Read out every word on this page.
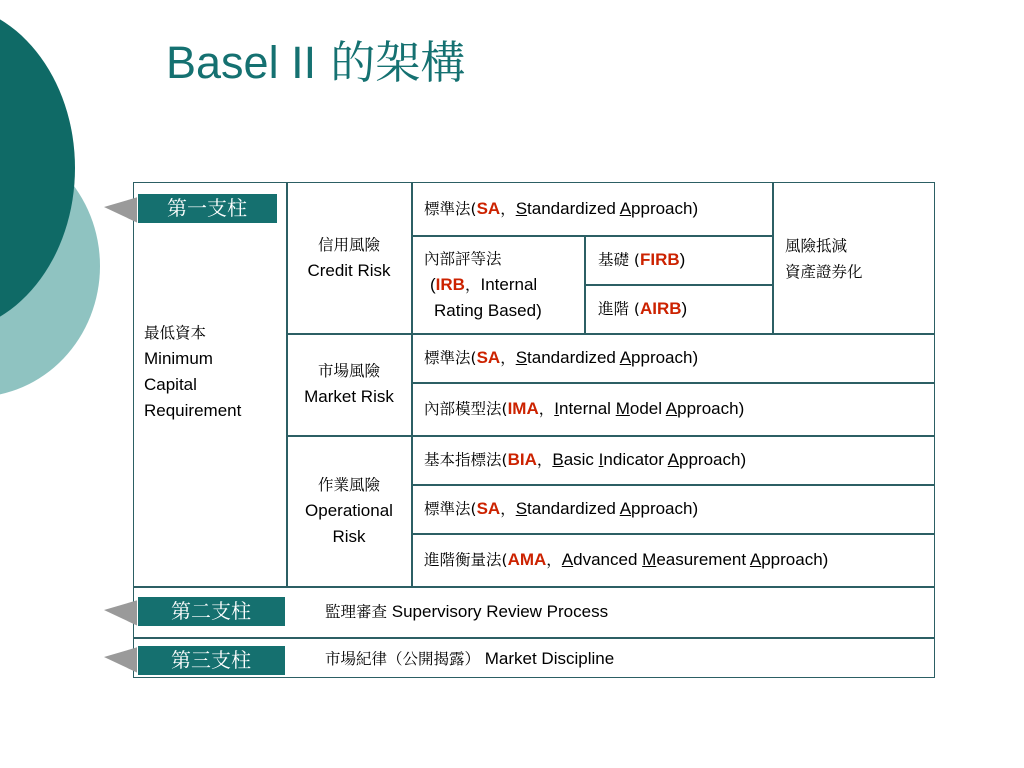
Basel II 的架構
第一支柱
第二支柱
第三支柱
最低資本
Minimum
Capital
Requirement
信用風險
Credit Risk
市場風險
Market Risk
作業風險
Operational
Risk
標準法(SA，Standardized Approach)
內部評等法
(IRB，Internal
Rating Based)
基礎 (FIRB)
進階 (AIRB)
風險抵減
資產證券化
標準法(SA，Standardized Approach)
內部模型法(IMA，Internal Model Approach)
基本指標法(BIA，Basic Indicator Approach)
標準法(SA，Standardized Approach)
進階衡量法(AMA，Advanced Measurement Approach)
監理審查 Supervisory Review Process
市場紀律（公開揭露） Market Discipline
